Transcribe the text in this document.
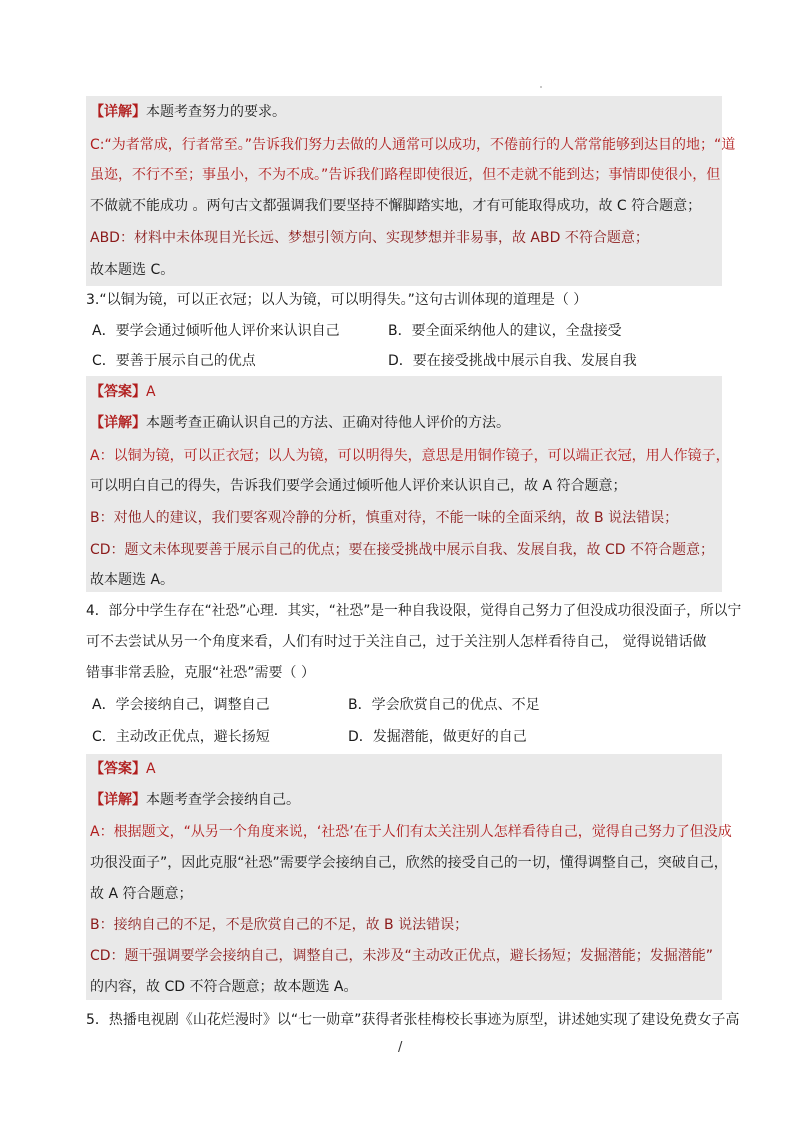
【详解】本题考查努力的要求。
C:“为者常成，行者常至。”告诉我们努力去做的人通常可以成功，不倦前行的人常常能够到达目的地；“道
虽迩，不行不至；事虽小，不为不成。”告诉我们路程即使很近，但不走就不能到达；事情即使很小，但
不做就不能成功 。两句古文都强调我们要坚持不懈脚踏实地，才有可能取得成功，故 C 符合题意；
ABD：材料中未体现目光长远、梦想引领方向、实现梦想并非易事，故 ABD 不符合题意；
故本题选 C。
3.“以铜为镜，可以正衣冠；以人为镜，可以明得失。”这句古训体现的道理是（ ）
A．要学会通过倾听他人评价来认识自己	B．要全面采纳他人的建议，全盘接受
C．要善于展示自己的优点	D．要在接受挑战中展示自我、发展自我
【答案】A
【详解】本题考查正确认识自己的方法、正确对待他人评价的方法。
A：以铜为镜，可以正衣冠；以人为镜，可以明得失，意思是用铜作镜子，可以端正衣冠，用人作镜子，
可以明白自己的得失，告诉我们要学会通过倾听他人评价来认识自己，故 A 符合题意；
B：对他人的建议，我们要客观冷静的分析，慎重对待，不能一味的全面采纳，故 B 说法错误；
CD：题文未体现要善于展示自己的优点；要在接受挑战中展示自我、发展自我，故 CD 不符合题意；
故本题选 A。
4．部分中学生存在“社恐”心理．其实，“社恐”是一种自我设限，觉得自己努力了但没成功很没面子，所以宁
可不去尝试从另一个角度来看，人们有时过于关注自己，过于关注别人怎样看待自己， 觉得说错话做
错事非常丢脸，克服“社恐”需要（ ）
A．学会接纳自己，调整自己	B．学会欣赏自己的优点、不足
C．主动改正优点，避长扬短	D．发掘潜能，做更好的自己
【答案】A
【详解】本题考查学会接纳自己。
A：根据题文，“从另一个角度来说，‘社恐’在于人们有太关注别人怎样看待自己，觉得自己努力了但没成
功很没面子”，因此克服“社恐”需要学会接纳自己，欣然的接受自己的一切，懂得调整自己，突破自己，
故 A 符合题意；
B：接纳自己的不足，不是欣赏自己的不足，故 B 说法错误；
CD：题干强调要学会接纳自己，调整自己，未涉及“主动改正优点，避长扬短；发掘潜能；发掘潜能”
的内容，故 CD 不符合题意；故本题选 A。
5．热播电视剧《山花烂漫时》以“七一勋章”获得者张桂梅校长事迹为原型，讲述她实现了建设免费女子高
/
